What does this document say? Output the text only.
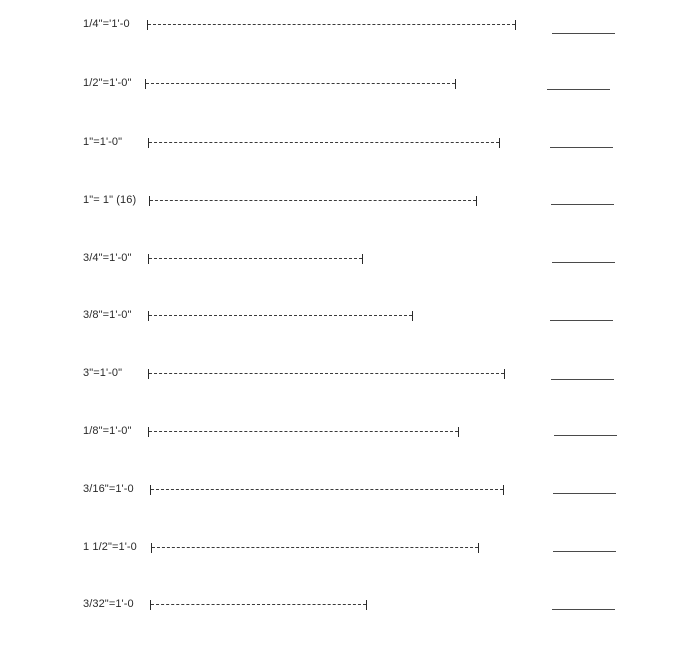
1/4"='1'-0
1/2"=1'-0"
1"=1'-0"
1"= 1" (16)
3/4"=1'-0"
3/8"=1'-0"
3"=1'-0"
1/8"=1'-0"
3/16"=1'-0
1 1/2"=1'-0
3/32"=1'-0
